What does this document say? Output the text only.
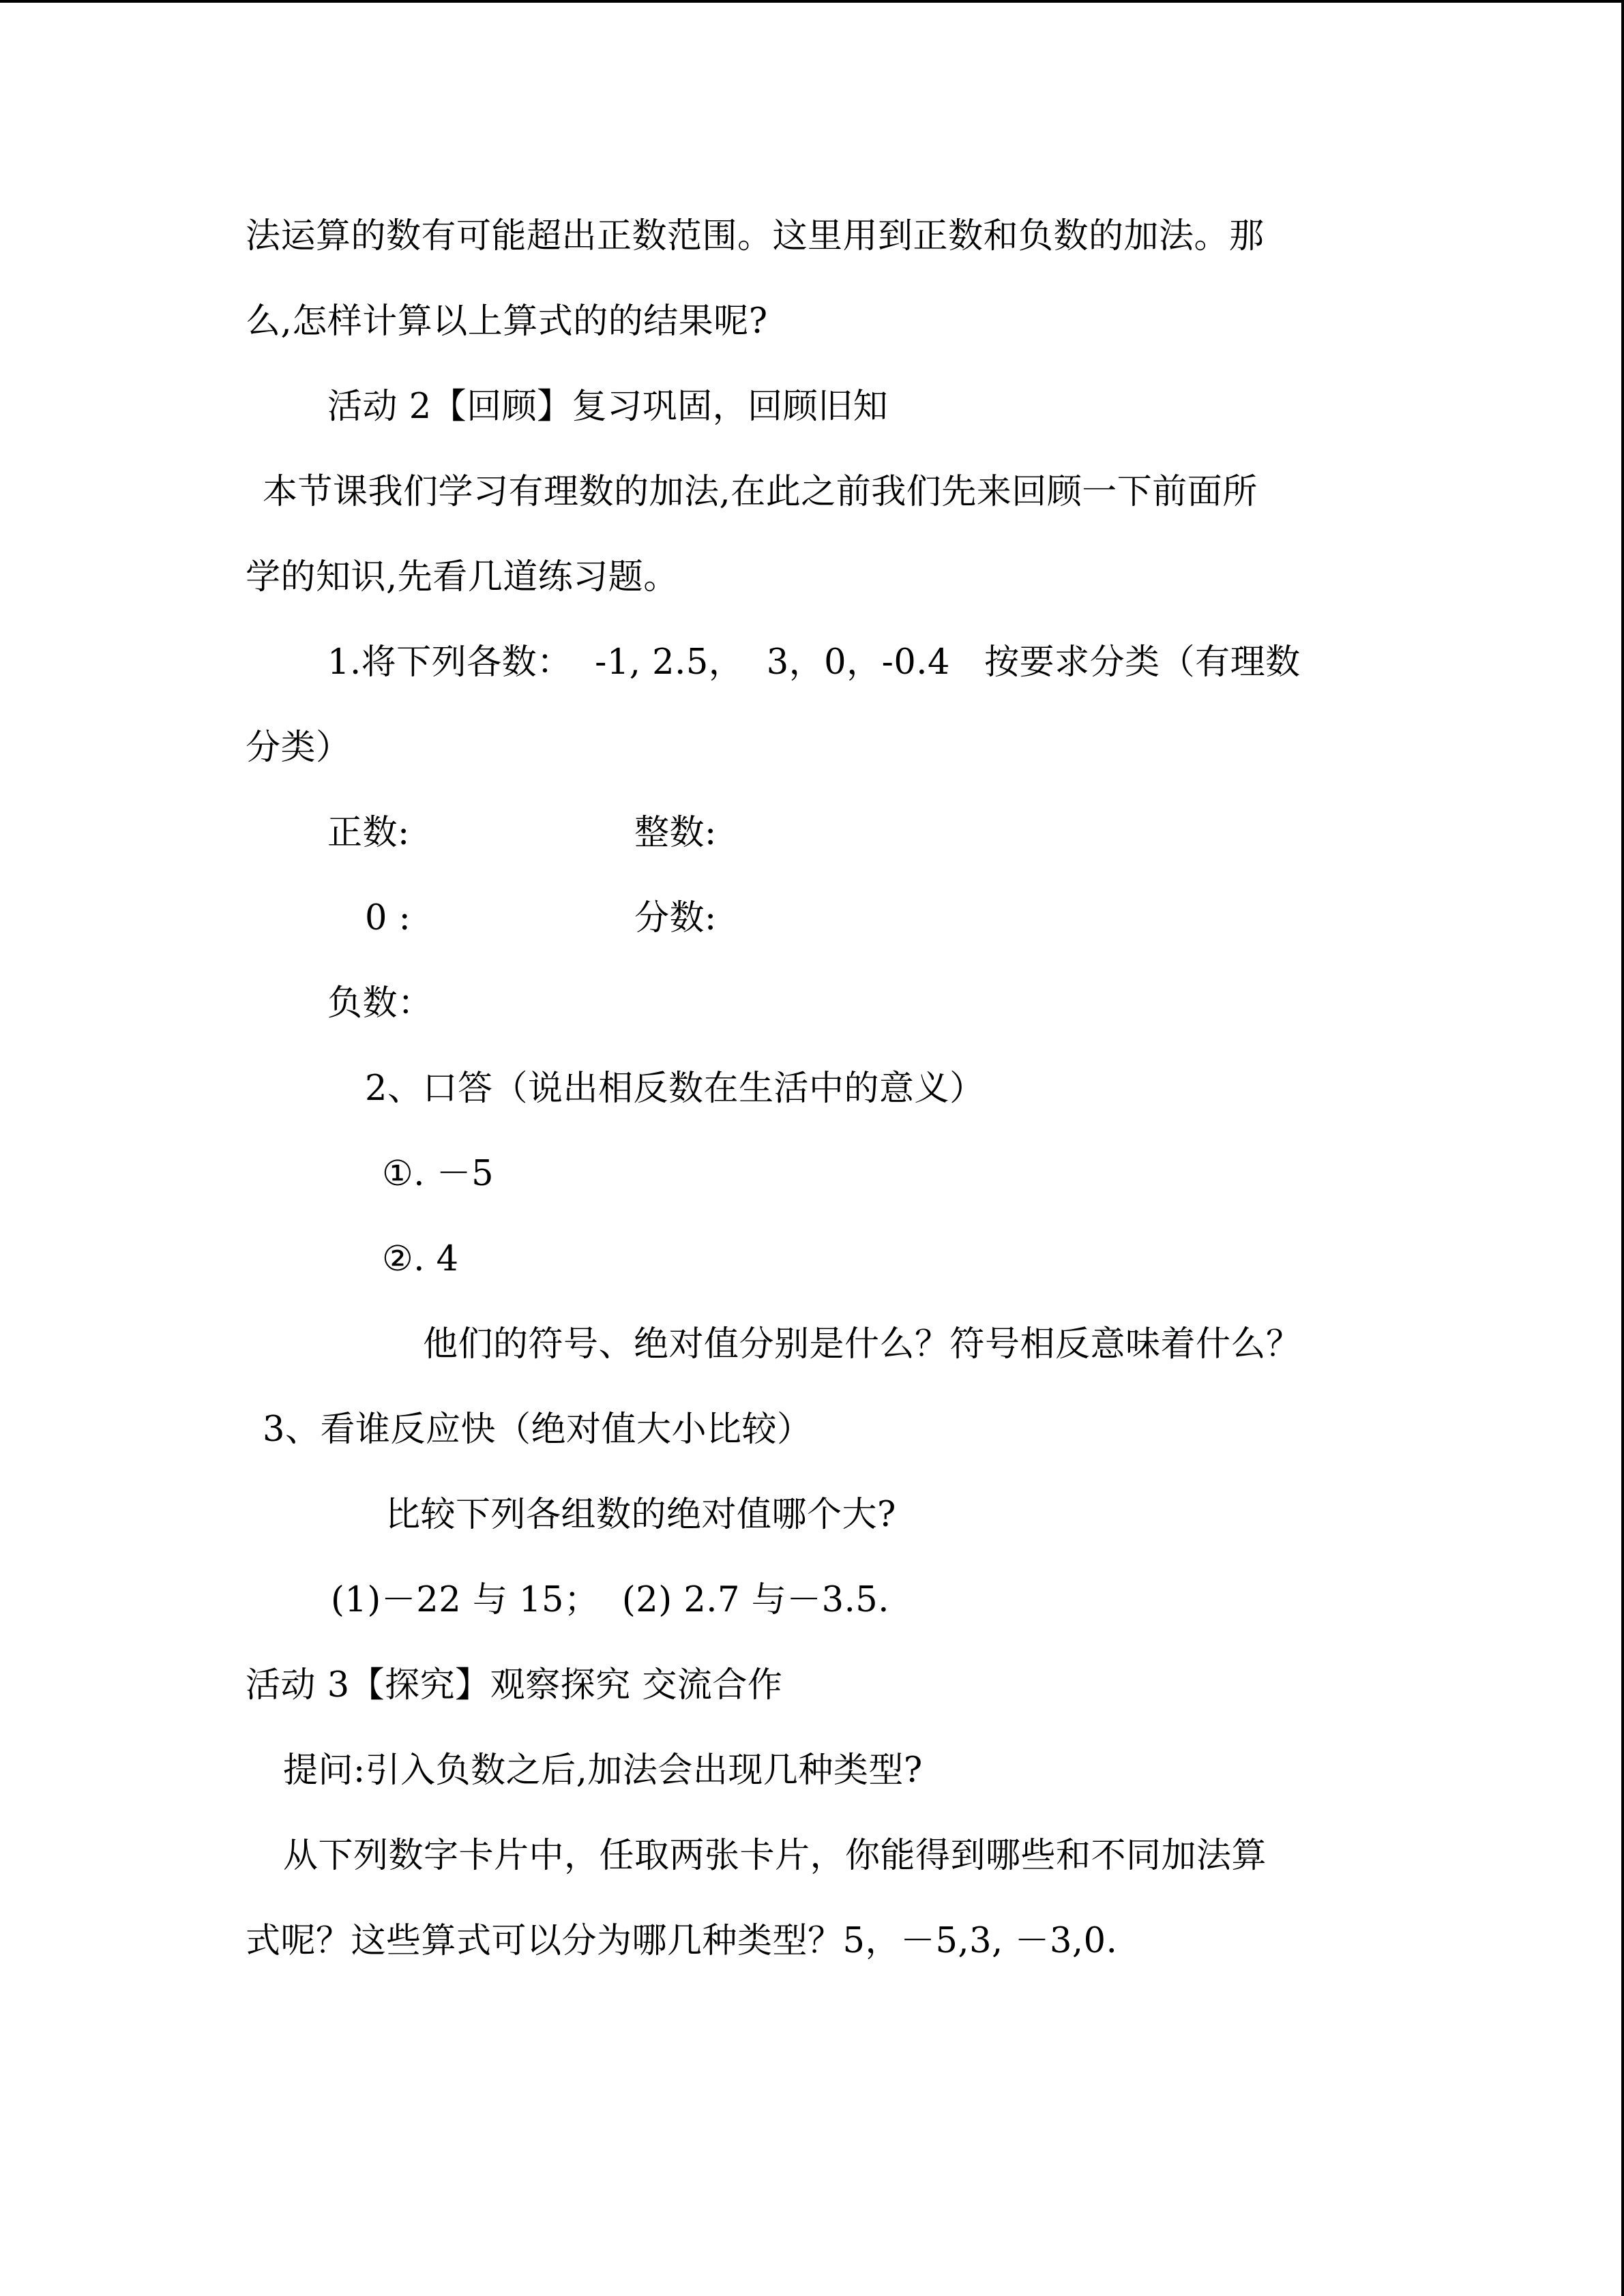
法运算的数有可能超出正数范围。这里用到正数和负数的加法。那
么,怎样计算以上算式的的结果呢?
活动 2【回顾】复习巩固，回顾旧知
本节课我们学习有理数的加法,在此之前我们先来回顾一下前面所
学的知识,先看几道练习题。
1.将下列各数：  -1, 2.5，  3，0，-0.4   按要求分类（有理数
分类）
正数:	整数:
0 :	分数:
负数：
2、口答（说出相反数在生活中的意义）
①. －5
②. 4
他们的符号、绝对值分别是什么？符号相反意味着什么？
3、看谁反应快（绝对值大小比较）
比较下列各组数的绝对值哪个大?
(1)－22 与 15；  (2) 2.7 与－3.5.
活动 3【探究】观察探究 交流合作
提问:引入负数之后,加法会出现几种类型?
从下列数字卡片中，任取两张卡片，你能得到哪些和不同加法算
式呢？这些算式可以分为哪几种类型？5，－5,3, －3,0.
